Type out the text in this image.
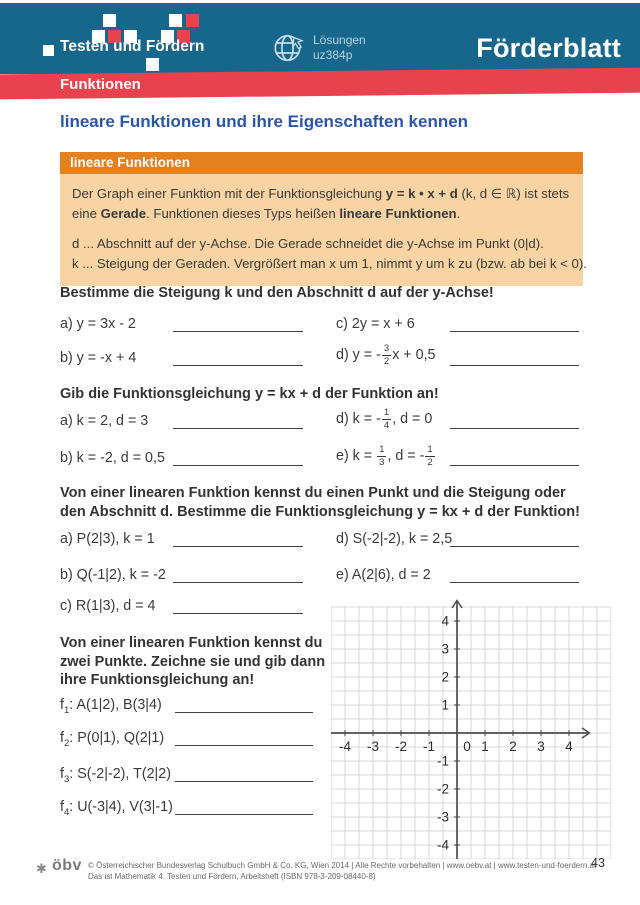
Testen und Fördern	Lösungen
uz384p	Förderblatt
Funktionen
lineare Funktionen und ihre Eigenschaften kennen
lineare Funktionen

Der Graph einer Funktion mit der Funktionsgleichung y = k • x + d (k, d ∈ ℝ) ist stets eine Gerade. Funktionen dieses Typs heißen lineare Funktionen.

d ... Abschnitt auf der y-Achse. Die Gerade schneidet die y-Achse im Punkt (0|d).

k ... Steigung der Geraden. Vergrößert man x um 1, nimmt y um k zu (bzw. ab bei k < 0).

Bestimme die Steigung k und den Abschnitt d auf der y-Achse!
a) y = 3x - 2
b) y = -x + 4
c) 2y = x + 6
d) y = - $\frac{3}{2}$ x + 0,5
Gib die Funktionsgleichung y = kx + d der Funktion an!
a) k = 2, d = 3
b) k = -2, d = 0,5
d) k = - $\frac{1}{4}$ , d = 0
e) $k = \frac{1}{3}$ , d = - $\frac{1}{2}$
Von einer linearen Funktion kennst du einen Punkt und die Steigung oder den Abschnitt d. Bestimme die Funktionsgleichung y = kx + d der Funktion!
a) P(2|3), k = 1
b) Q(-1|2), k = -2
c) R(1|3), d = 4
d) S(-2|-2), k = 2,5
e) A(2|6), d = 2
Von einer linearen Funktion kennst du zwei Punkte. Zeichne sie und gib dann ihre Funktionsgleichung an!
$f_1$: A(1|2), B(3|4)
$f_2$: P(0|1), Q(2|1)
$f_3$: S(-2|-2), T(2|2)
$f_4$: U(-3|4), V(3|-1)
-4 -3 -2 -1 0 1 2 3 4
4
3
2
1
-1
-2
-3
-4
✱ öbv © Österreichischer Bundesverlag Schulbuch GmbH & Co. KG, Wien 2014 | Alle Rechte vorbehalten | www.oebv.at | www.testen-und-foerdern.at
Das ist Mathematik 4. Testen und Fördern, Arbeitsheft (ISBN 978-3-209-08440-8)
43
